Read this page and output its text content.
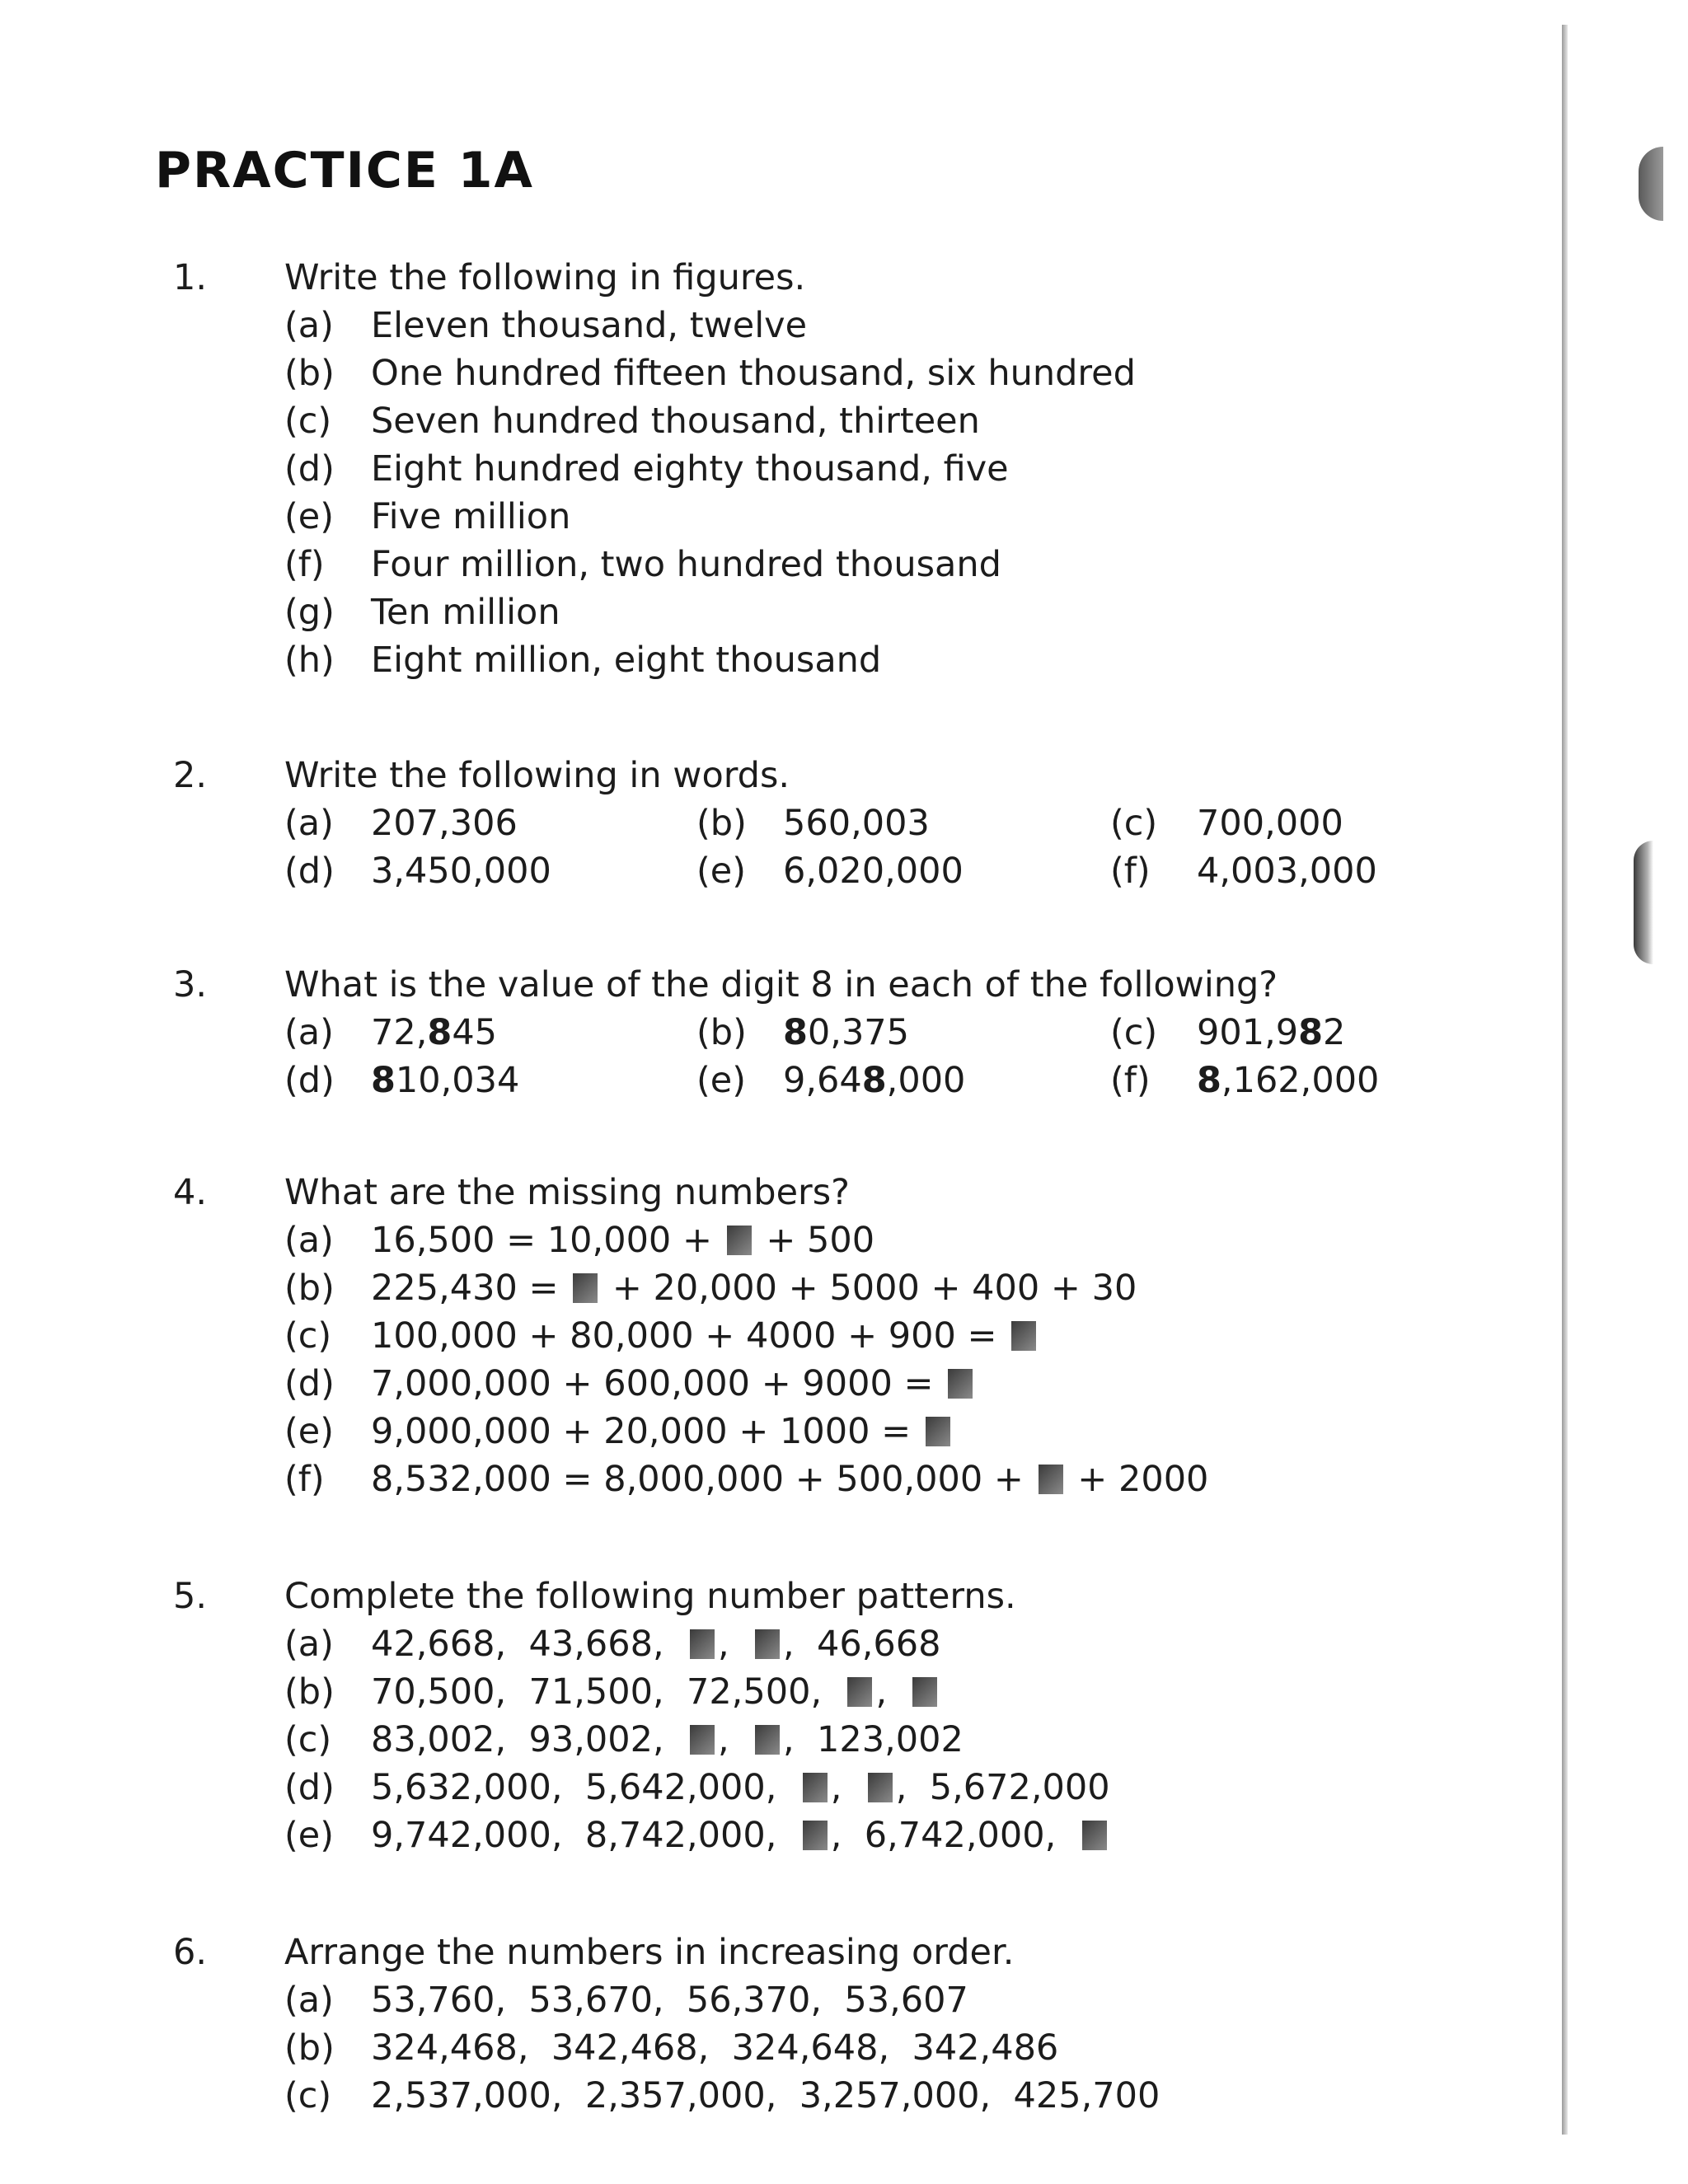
PRACTICE 1A
1.	Write the following in figures.
(a)	Eleven thousand, twelve
(b)	One hundred fifteen thousand, six hundred
(c)	Seven hundred thousand, thirteen
(d)	Eight hundred eighty thousand, five
(e)	Five million
(f)	Four million, two hundred thousand
(g)	Ten million
(h)	Eight million, eight thousand
2.	Write the following in words.
(a)	207,306	(b)	560,003	(c)	700,000
(d)	3,450,000	(e)	6,020,000	(f)	4,003,000
3.	What is the value of the digit 8 in each of the following?
(a)	72,845	(b)	80,375	(c)	901,982
(d)	810,034	(e)	9,648,000	(f)	8,162,000
4.	What are the missing numbers?
(a)	16,500 = 10,000 + + 500
(b)	225,430 = + 20,000 + 5000 + 400 + 30
(c)	100,000 + 80,000 + 4000 + 900 =
(d)	7,000,000 + 600,000 + 9000 =
(e)	9,000,000 + 20,000 + 1000 =
(f)	8,532,000 = 8,000,000 + 500,000 + + 2000
5.	Complete the following number patterns.
(a)	42,668,  43,668,  ,  ,  46,668
(b)	70,500,  71,500,  72,500,  ,
(c)	83,002,  93,002,  ,  ,  123,002
(d)	5,632,000,  5,642,000,  ,  ,  5,672,000
(e)	9,742,000,  8,742,000,  ,  6,742,000,
6.	Arrange the numbers in increasing order.
(a)	53,760,  53,670,  56,370,  53,607
(b)	324,468,  342,468,  324,648,  342,486
(c)	2,537,000,  2,357,000,  3,257,000,  425,700
